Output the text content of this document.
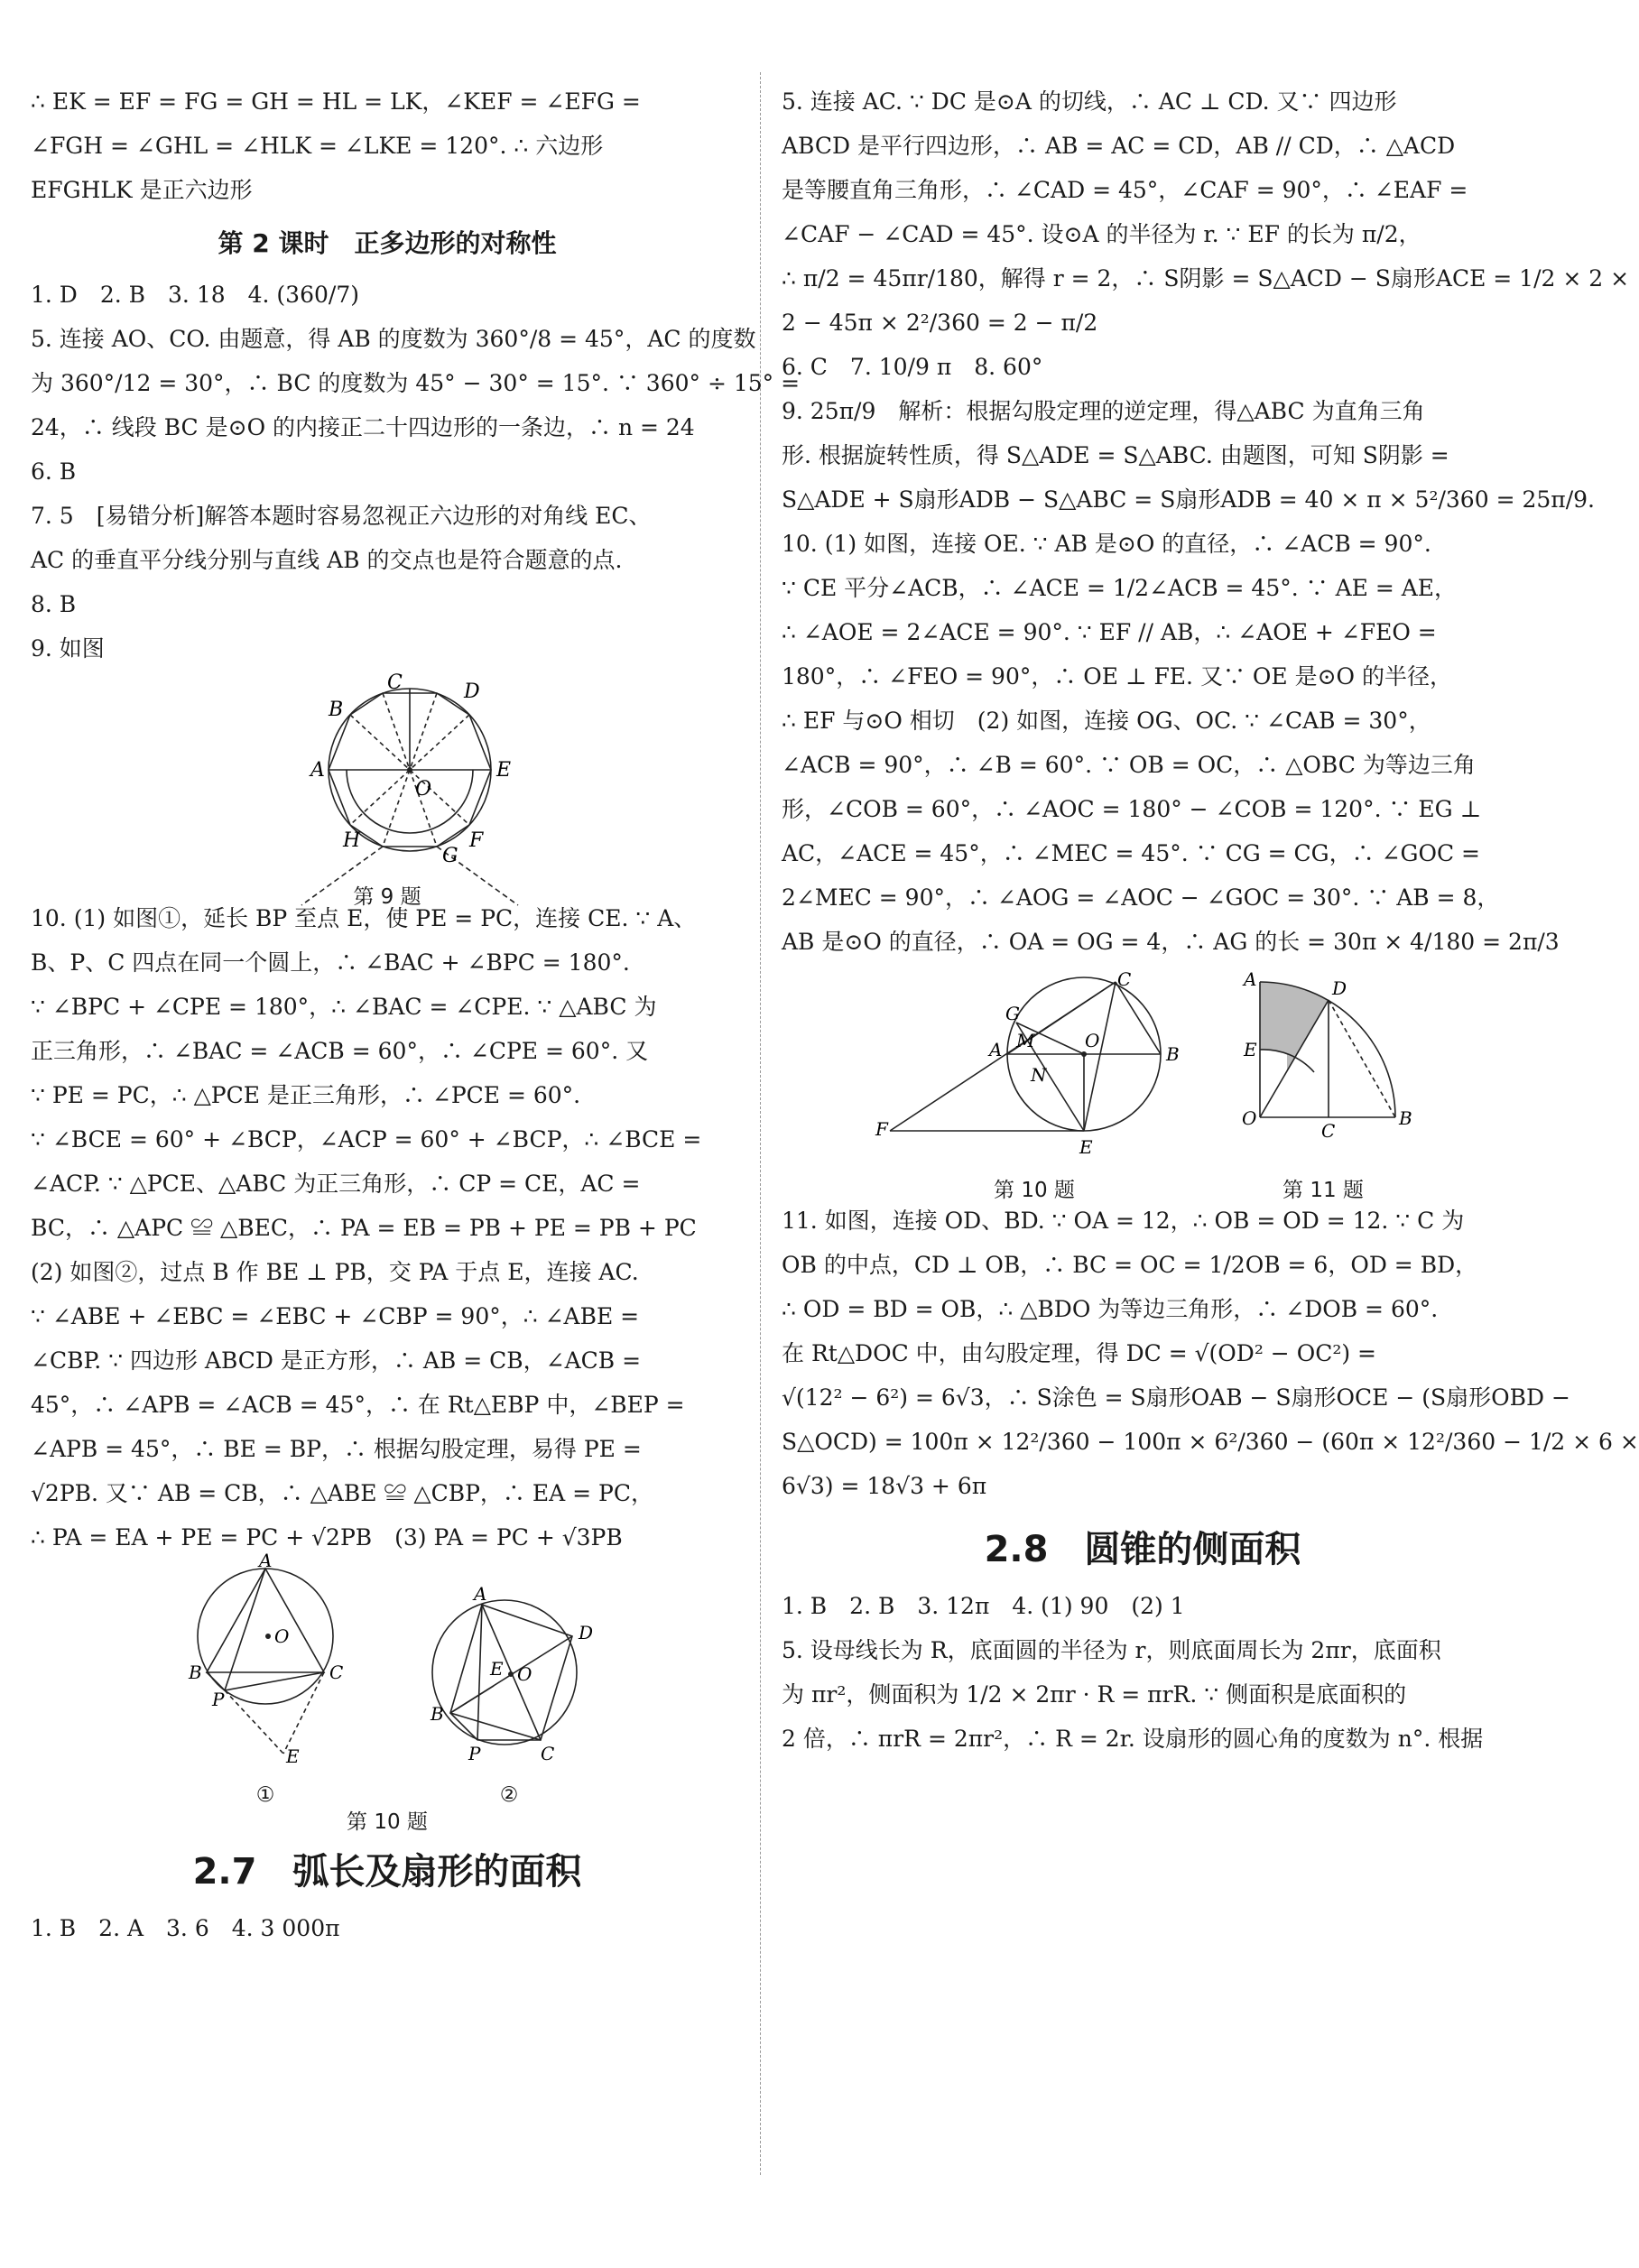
∴ EK = EF = FG = GH = HL = LK，∠KEF = ∠EFG =
∠FGH = ∠GHL = ∠HLK = ∠LKE = 120°. ∴ 六边形
EFGHLK 是正六边形
第 2 课时　正多边形的对称性
1. D　2. B　3. 18　4. (360/7)
5. 连接 AO、CO. 由题意，得 AB 的度数为 360°/8 = 45°，AC 的度数
为 360°/12 = 30°，∴ BC 的度数为 45° − 30° = 15°. ∵ 360° ÷ 15° =
24，∴ 线段 BC 是⊙O 的内接正二十四边形的一条边，∴ n = 24
6. B
7. 5　[易错分析]解答本题时容易忽视正六边形的对角线 EC、
AC 的垂直平分线分别与直线 AB 的交点也是符合题意的点.
8. B
9. 如图
C	D
B
A
O
E
H
G
F
第 9 题
10. (1) 如图①，延长 BP 至点 E，使 PE = PC，连接 CE. ∵ A、
B、P、C 四点在同一个圆上，∴ ∠BAC + ∠BPC = 180°.
∵ ∠BPC + ∠CPE = 180°，∴ ∠BAC = ∠CPE. ∵ △ABC 为
正三角形，∴ ∠BAC = ∠ACB = 60°，∴ ∠CPE = 60°. 又
∵ PE = PC，∴ △PCE 是正三角形，∴ ∠PCE = 60°.
∵ ∠BCE = 60° + ∠BCP，∠ACP = 60° + ∠BCP，∴ ∠BCE =
∠ACP. ∵ △PCE、△ABC 为正三角形，∴ CP = CE，AC =
BC，∴ △APC ≌ △BEC，∴ PA = EB = PB + PE = PB + PC
(2) 如图②，过点 B 作 BE ⊥ PB，交 PA 于点 E，连接 AC.
∵ ∠ABE + ∠EBC = ∠EBC + ∠CBP = 90°，∴ ∠ABE =
∠CBP. ∵ 四边形 ABCD 是正方形，∴ AB = CB，∠ACB =
45°，∴ ∠APB = ∠ACB = 45°，∴ 在 Rt△EBP 中，∠BEP =
∠APB = 45°，∴ BE = BP，∴ 根据勾股定理，易得 PE =
√2PB. 又∵ AB = CB，∴ △ABE ≌ △CBP，∴ EA = PC，
∴ PA = EA + PE = PC + √2PB　(3) PA = PC + √3PB
A
O
B	C
P
E
①
A
D
E O
B
P	C
②
第 10 题
2.7　弧长及扇形的面积
1. B　2. A　3. 6　4. 3 000π
5. 连接 AC. ∵ DC 是⊙A 的切线，∴ AC ⊥ CD. 又∵ 四边形
ABCD 是平行四边形，∴ AB = AC = CD，AB // CD，∴ △ACD
是等腰直角三角形，∴ ∠CAD = 45°，∠CAF = 90°，∴ ∠EAF =
∠CAF − ∠CAD = 45°. 设⊙A 的半径为 r. ∵ EF 的长为 π/2，
∴ π/2 = 45πr/180，解得 r = 2，∴ S阴影 = S△ACD − S扇形ACE = 1/2 × 2 ×
2 − 45π × 2²/360 = 2 − π/2
6. C　7. 10/9 π　8. 60°
9. 25π/9　解析：根据勾股定理的逆定理，得△ABC 为直角三角
形. 根据旋转性质，得 S△ADE = S△ABC. 由题图，可知 S阴影 =
S△ADE + S扇形ADB − S△ABC = S扇形ADB = 40 × π × 5²/360 = 25π/9.
10. (1) 如图，连接 OE. ∵ AB 是⊙O 的直径，∴ ∠ACB = 90°.
∵ CE 平分∠ACB，∴ ∠ACE = 1/2∠ACB = 45°. ∵ AE = AE，
∴ ∠AOE = 2∠ACE = 90°. ∵ EF // AB，∴ ∠AOE + ∠FEO =
180°，∴ ∠FEO = 90°，∴ OE ⊥ FE. 又∵ OE 是⊙O 的半径，
∴ EF 与⊙O 相切　(2) 如图，连接 OG、OC. ∵ ∠CAB = 30°，
∠ACB = 90°，∴ ∠B = 60°. ∵ OB = OC，∴ △OBC 为等边三角
形，∠COB = 60°，∴ ∠AOC = 180° − ∠COB = 120°. ∵ EG ⊥
AC，∠ACE = 45°，∴ ∠MEC = 45°. ∵ CG = CG，∴ ∠GOC =
2∠MEC = 90°，∴ ∠AOG = ∠AOC − ∠GOC = 30°. ∵ AB = 8，
AB 是⊙O 的直径，∴ OA = OG = 4，∴ AG 的长 = 30π × 4/180 = 2π/3
C
G
A M	O
B
N
F
E
第 10 题
A	D
E
O
C
B
第 11 题
11. 如图，连接 OD、BD. ∵ OA = 12，∴ OB = OD = 12. ∵ C 为
OB 的中点，CD ⊥ OB，∴ BC = OC = 1/2OB = 6，OD = BD，
∴ OD = BD = OB，∴ △BDO 为等边三角形，∴ ∠DOB = 60°.
在 Rt△DOC 中，由勾股定理，得 DC = √(OD² − OC²) =
√(12² − 6²) = 6√3，∴ S涂色 = S扇形OAB − S扇形OCE − (S扇形OBD −
S△OCD) = 100π × 12²/360 − 100π × 6²/360 − (60π × 12²/360 − 1/2 × 6 ×
6√3) = 18√3 + 6π
2.8　圆锥的侧面积
1. B　2. B　3. 12π　4. (1) 90　(2) 1
5. 设母线长为 R，底面圆的半径为 r，则底面周长为 2πr，底面积
为 πr²，侧面积为 1/2 × 2πr · R = πrR. ∵ 侧面积是底面积的
2 倍，∴ πrR = 2πr²，∴ R = 2r. 设扇形的圆心角的度数为 n°. 根据
